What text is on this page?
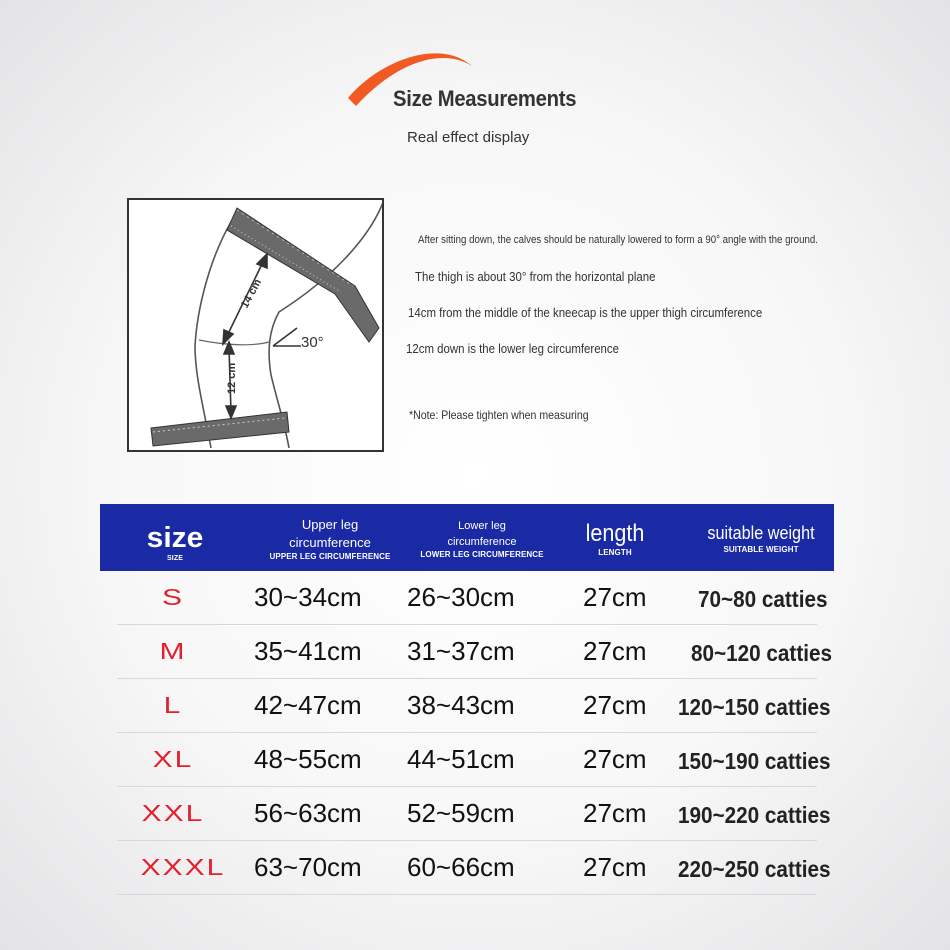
Size Measurements
Real effect display
14 cm
12 cm
30°
After sitting down, the calves should be naturally lowered to form a 90° angle with the ground.
The thigh is about 30° from the horizontal plane
14cm from the middle of the kneecap is the upper thigh circumference
12cm down is the lower leg circumference
*Note: Please tighten when measuring
size
SIZE
Upper leg circumference
UPPER LEG CIRCUMFERENCE
Lower leg circumference
LOWER LEG CIRCUMFERENCE
length
LENGTH
suitable weight
SUITABLE WEIGHT
S	30~34cm 26~30cm	27cm 70~80 catties
M	35~41cm 31~37cm	27cm 80~120 catties
L	42~47cm 38~43cm	27cm 120~150 catties
XL	48~55cm 44~51cm	27cm 150~190 catties
XXL	56~63cm 52~59cm	27cm 190~220 catties
XXXL	63~70cm 60~66cm	27cm 220~250 catties
